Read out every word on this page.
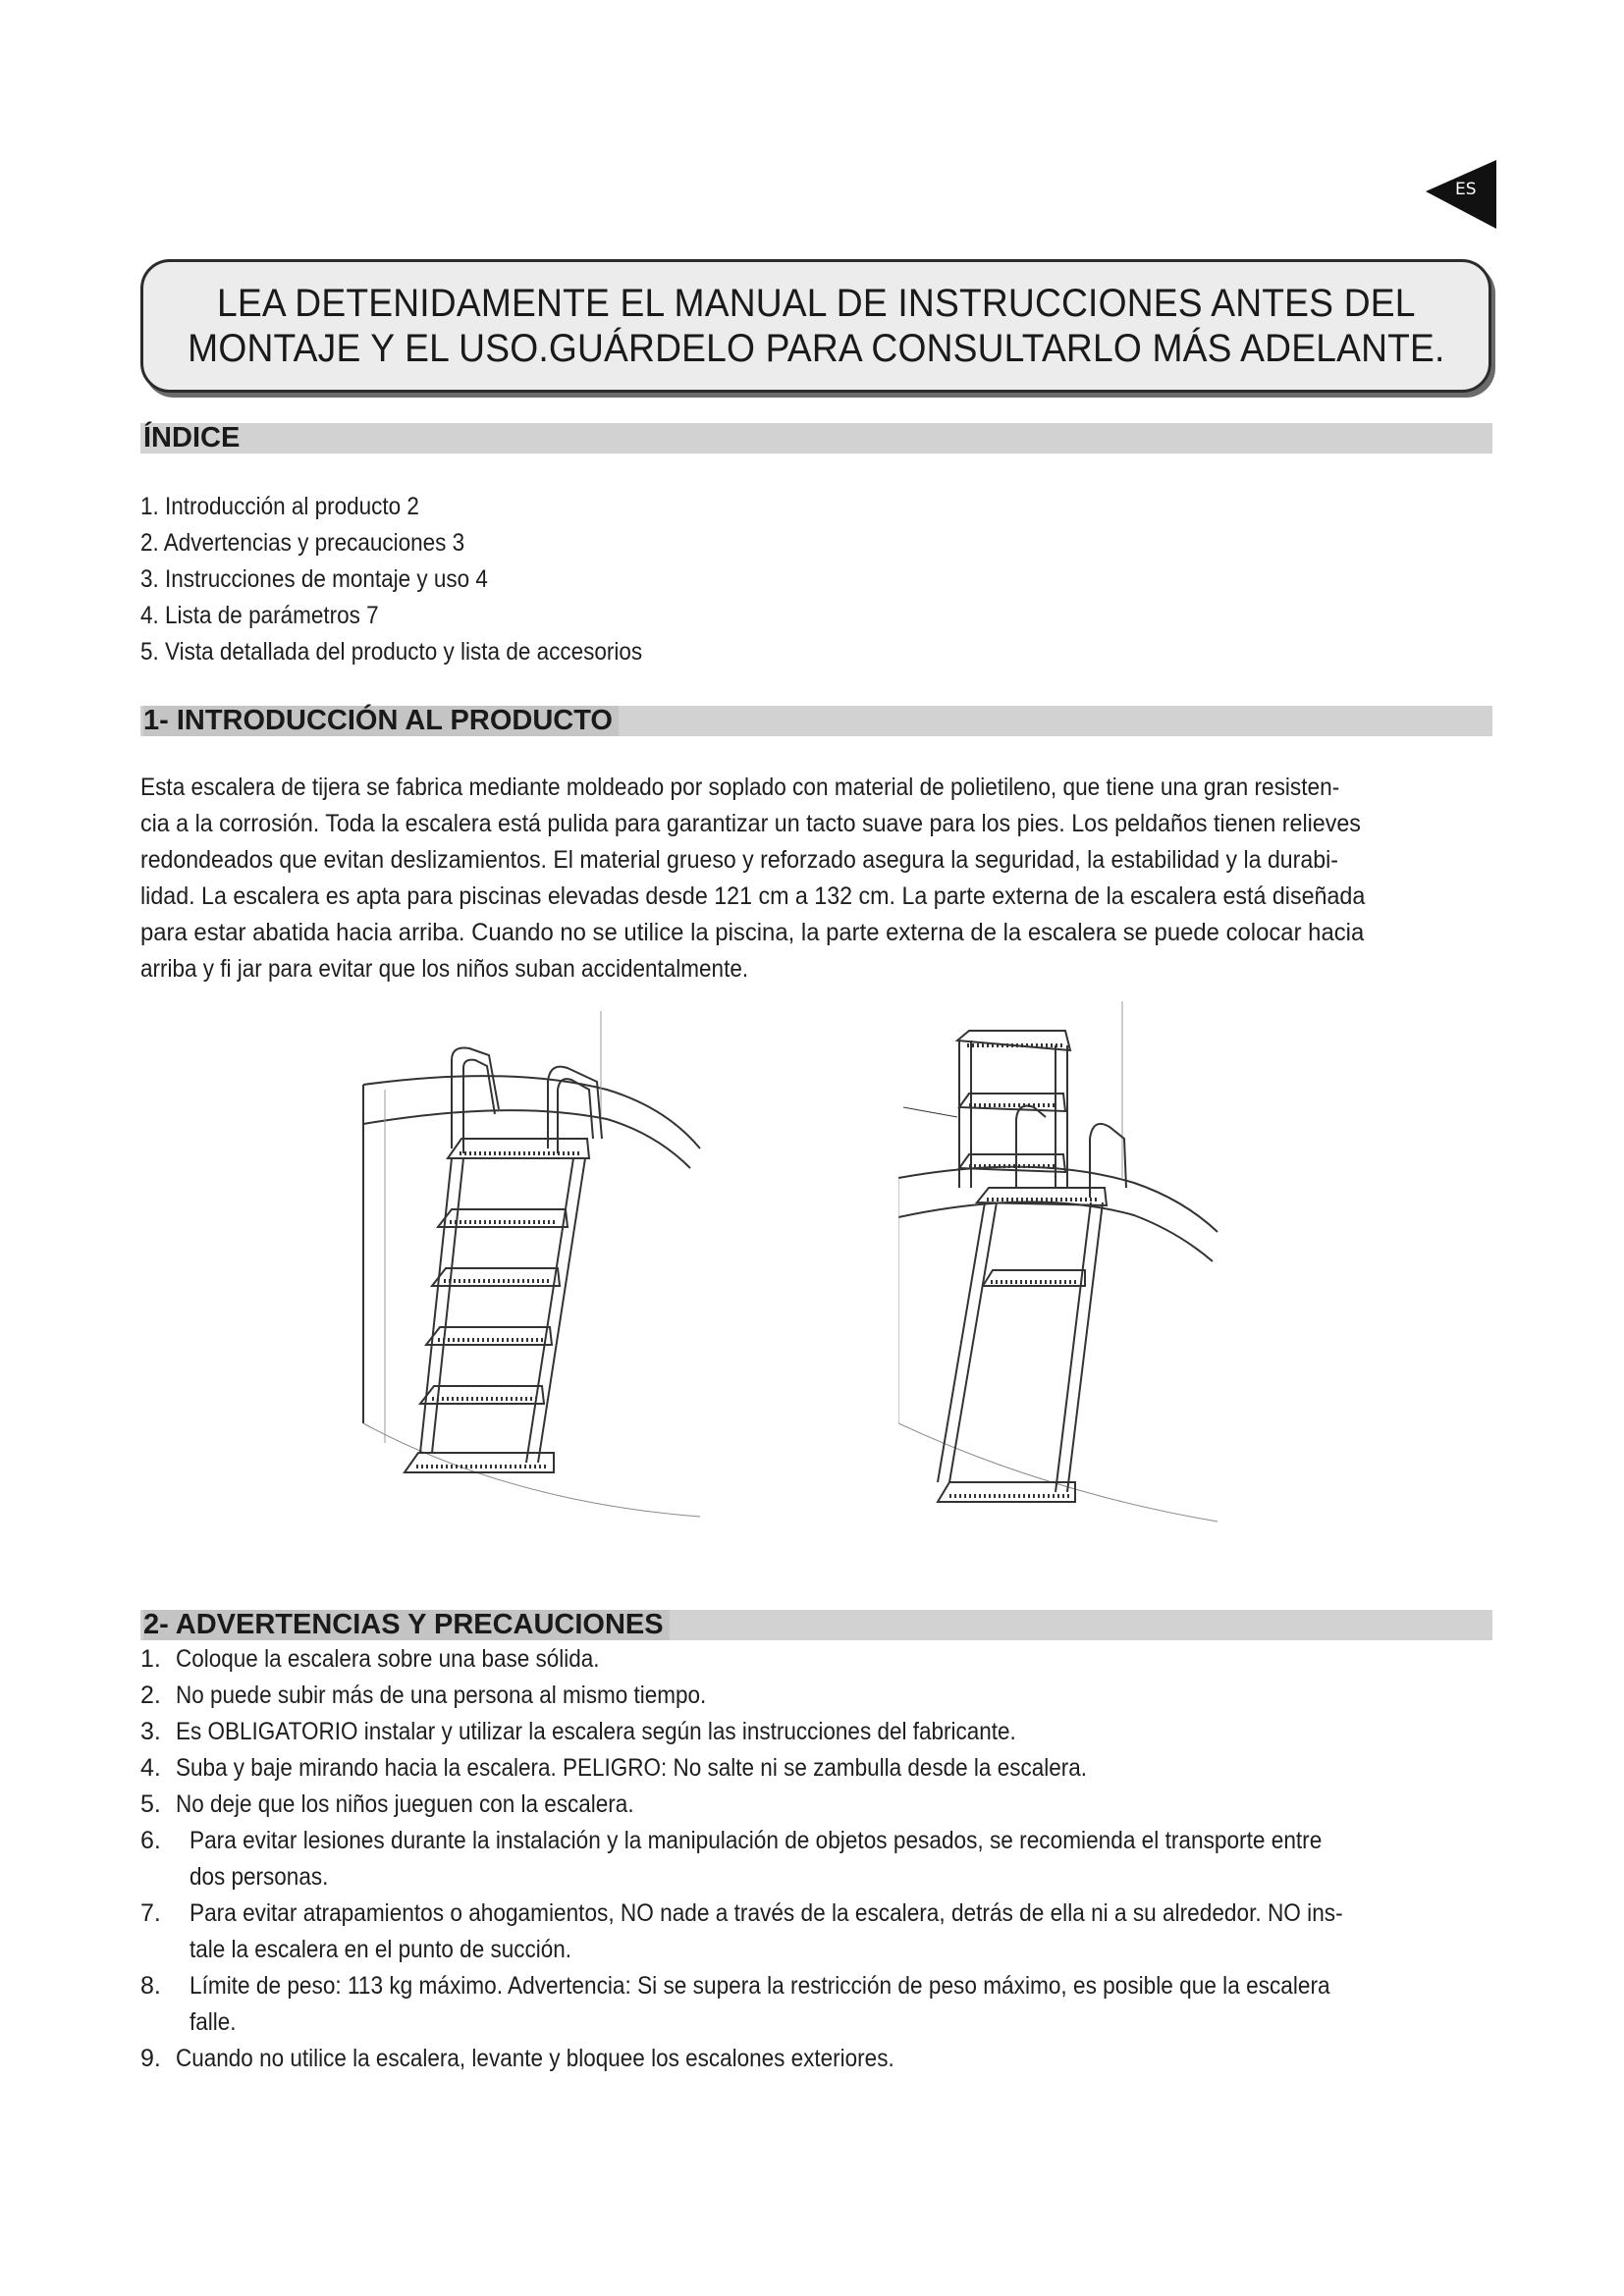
ES
LEA DETENIDAMENTE EL MANUAL DE INSTRUCCIONES ANTES DEL
MONTAJE Y EL USO.GUÁRDELO PARA CONSULTARLO MÁS ADELANTE.
ÍNDICE
1. Introducción al producto 2
2. Advertencias y precauciones 3
3. Instrucciones de montaje y uso 4
4. Lista de parámetros 7
5. Vista detallada del producto y lista de accesorios
1- INTRODUCCIÓN AL PRODUCTO
Esta escalera de tijera se fabrica mediante moldeado por soplado con material de polietileno, que tiene una gran resisten-
cia a la corrosión. Toda la escalera está pulida para garantizar un tacto suave para los pies. Los peldaños tienen relieves
redondeados que evitan deslizamientos. El material grueso y reforzado asegura la seguridad, la estabilidad y la durabi-
lidad. La escalera es apta para piscinas elevadas desde 121 cm a 132 cm. La parte externa de la escalera está diseñada
para estar abatida hacia arriba. Cuando no se utilice la piscina, la parte externa de la escalera se puede colocar hacia
arriba y fi jar para evitar que los niños suban accidentalmente.
2- ADVERTENCIAS Y PRECAUCIONES
1. Coloque la escalera sobre una base sólida.
2. No puede subir más de una persona al mismo tiempo.
3. Es OBLIGATORIO instalar y utilizar la escalera según las instrucciones del fabricante.
4. Suba y baje mirando hacia la escalera. PELIGRO: No salte ni se zambulla desde la escalera.
5. No deje que los niños jueguen con la escalera.
6. Para evitar lesiones durante la instalación y la manipulación de objetos pesados, se recomienda el transporte entre
dos personas.
7. Para evitar atrapamientos o ahogamientos, NO nade a través de la escalera, detrás de ella ni a su alrededor. NO ins-
tale la escalera en el punto de succión.
8. Límite de peso: 113 kg máximo. Advertencia: Si se supera la restricción de peso máximo, es posible que la escalera
falle.
9. Cuando no utilice la escalera, levante y bloquee los escalones exteriores.
